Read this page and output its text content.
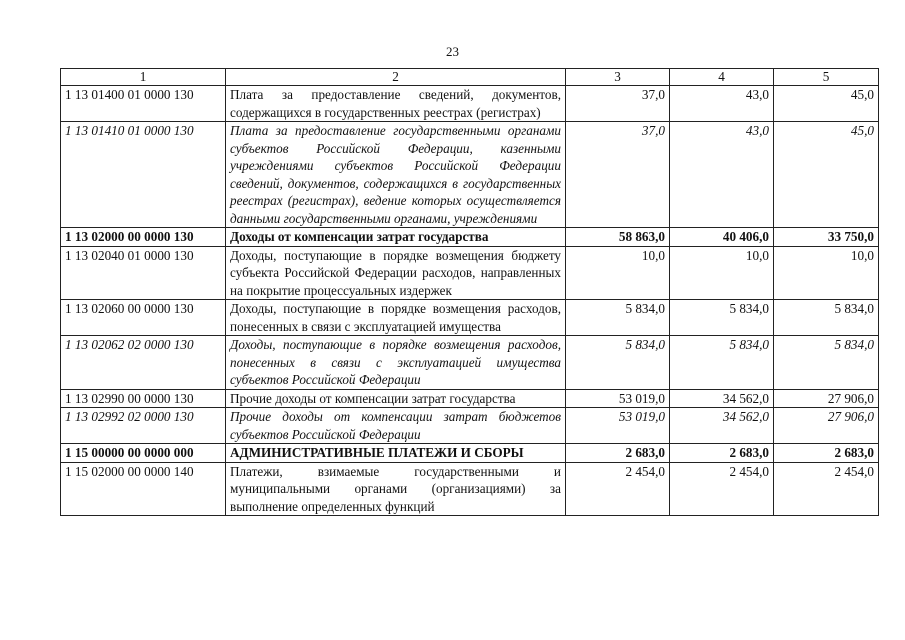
23
1	2	3	4	5
1 13 01400 01 0000 130	Плата за предоставление сведений, документов, содержащихся в государственных реестрах (регистрах)	37,0	43,0	45,0
1 13 01410 01 0000 130	Плата за предоставление государственными органами субъектов Российской Федерации, казенными учреждениями субъектов Российской Федерации сведений, документов, содержащихся в государственных реестрах (регистрах), ведение которых осуществляется данными государственными органами, учреждениями	37,0	43,0	45,0
1 13 02000 00 0000 130	Доходы от компенсации затрат государства	58 863,0	40 406,0	33 750,0
1 13 02040 01 0000 130	Доходы, поступающие в порядке возмещения бюджету субъекта Российской Федерации расходов, направленных на покрытие процессуальных издержек	10,0	10,0	10,0
1 13 02060 00 0000 130	Доходы, поступающие в порядке возмещения расходов, понесенных в связи с эксплуатацией имущества	5 834,0	5 834,0	5 834,0
1 13 02062 02 0000 130	Доходы, поступающие в порядке возмещения расходов, понесенных в связи с эксплуатацией имущества субъектов Российской Федерации	5 834,0	5 834,0	5 834,0
1 13 02990 00 0000 130	Прочие доходы от компенсации затрат государства	53 019,0	34 562,0	27 906,0
1 13 02992 02 0000 130	Прочие доходы от компенсации затрат бюджетов субъектов Российской Федерации	53 019,0	34 562,0	27 906,0
1 15 00000 00 0000 000	АДМИНИСТРАТИВНЫЕ ПЛАТЕЖИ И СБОРЫ	2 683,0	2 683,0	2 683,0
1 15 02000 00 0000 140	Платежи, взимаемые государственными и муниципальными органами (организациями) за выполнение определенных функций	2 454,0	2 454,0	2 454,0
